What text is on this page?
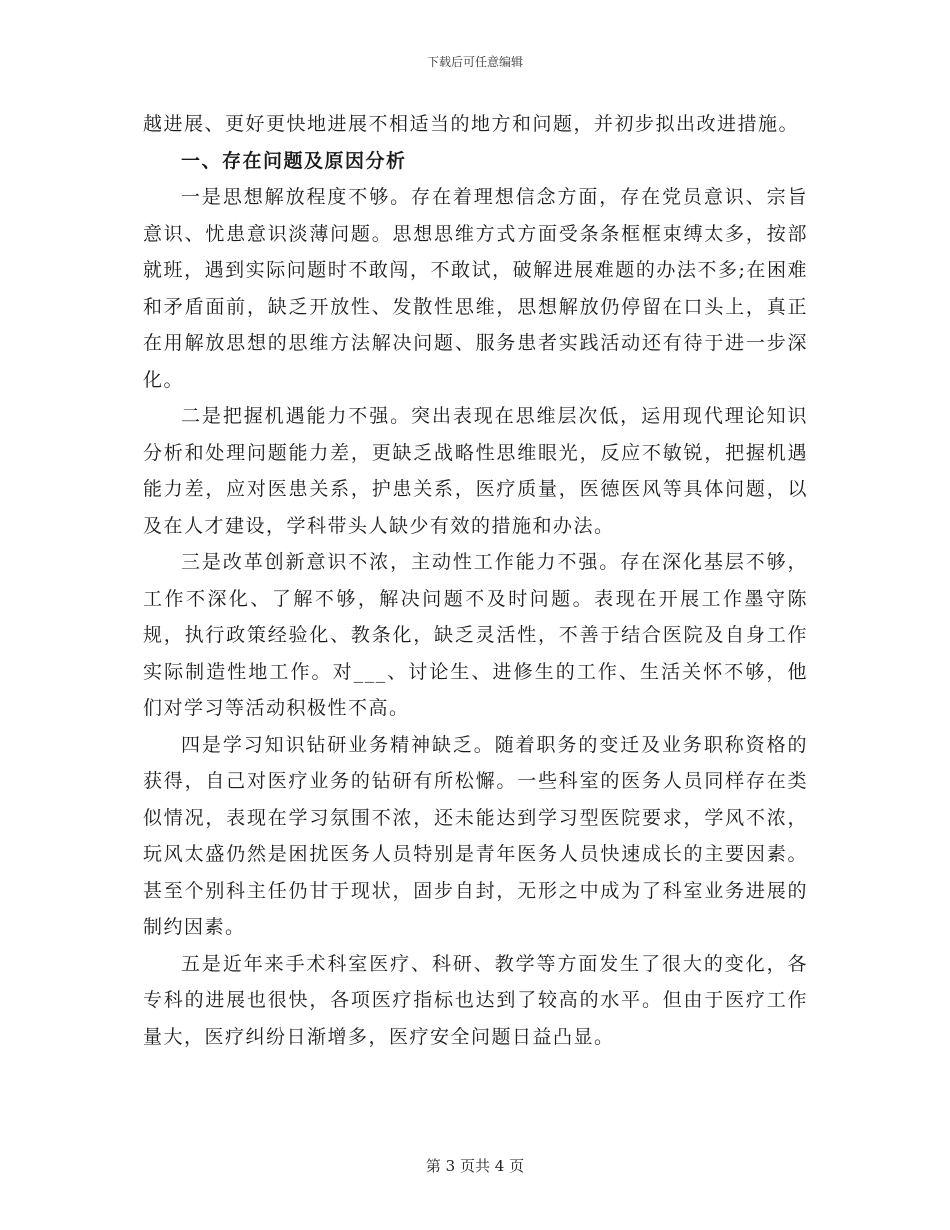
下载后可任意编辑

越进展、更好更快地进展不相适当的地方和问题，并初步拟出改进措施。

一、存在问题及原因分析

一是思想解放程度不够。存在着理想信念方面，存在党员意识、宗旨意识、忧患意识淡薄问题。思想思维方式方面受条条框框束缚太多，按部就班，遇到实际问题时不敢闯，不敢试，破解进展难题的办法不多;在困难和矛盾面前，缺乏开放性、发散性思维，思想解放仍停留在口头上，真正在用解放思想的思维方法解决问题、服务患者实践活动还有待于进一步深化。

二是把握机遇能力不强。突出表现在思维层次低，运用现代理论知识分析和处理问题能力差，更缺乏战略性思维眼光，反应不敏锐，把握机遇能力差，应对医患关系，护患关系，医疗质量，医德医风等具体问题，以及在人才建设，学科带头人缺少有效的措施和办法。

三是改革创新意识不浓，主动性工作能力不强。存在深化基层不够，工作不深化、了解不够，解决问题不及时问题。表现在开展工作墨守陈规，执行政策经验化、教条化，缺乏灵活性，不善于结合医院及自身工作实际制造性地工作。对___、讨论生、进修生的工作、生活关怀不够，他们对学习等活动积极性不高。

四是学习知识钻研业务精神缺乏。随着职务的变迁及业务职称资格的获得，自己对医疗业务的钻研有所松懈。一些科室的医务人员同样存在类似情况，表现在学习氛围不浓，还未能达到学习型医院要求，学风不浓，玩风太盛仍然是困扰医务人员特别是青年医务人员快速成长的主要因素。甚至个别科主任仍甘于现状，固步自封，无形之中成为了科室业务进展的制约因素。

五是近年来手术科室医疗、科研、教学等方面发生了很大的变化，各专科的进展也很快，各项医疗指标也达到了较高的水平。但由于医疗工作量大，医疗纠纷日渐增多，医疗安全问题日益凸显。

第 3 页共 4 页
